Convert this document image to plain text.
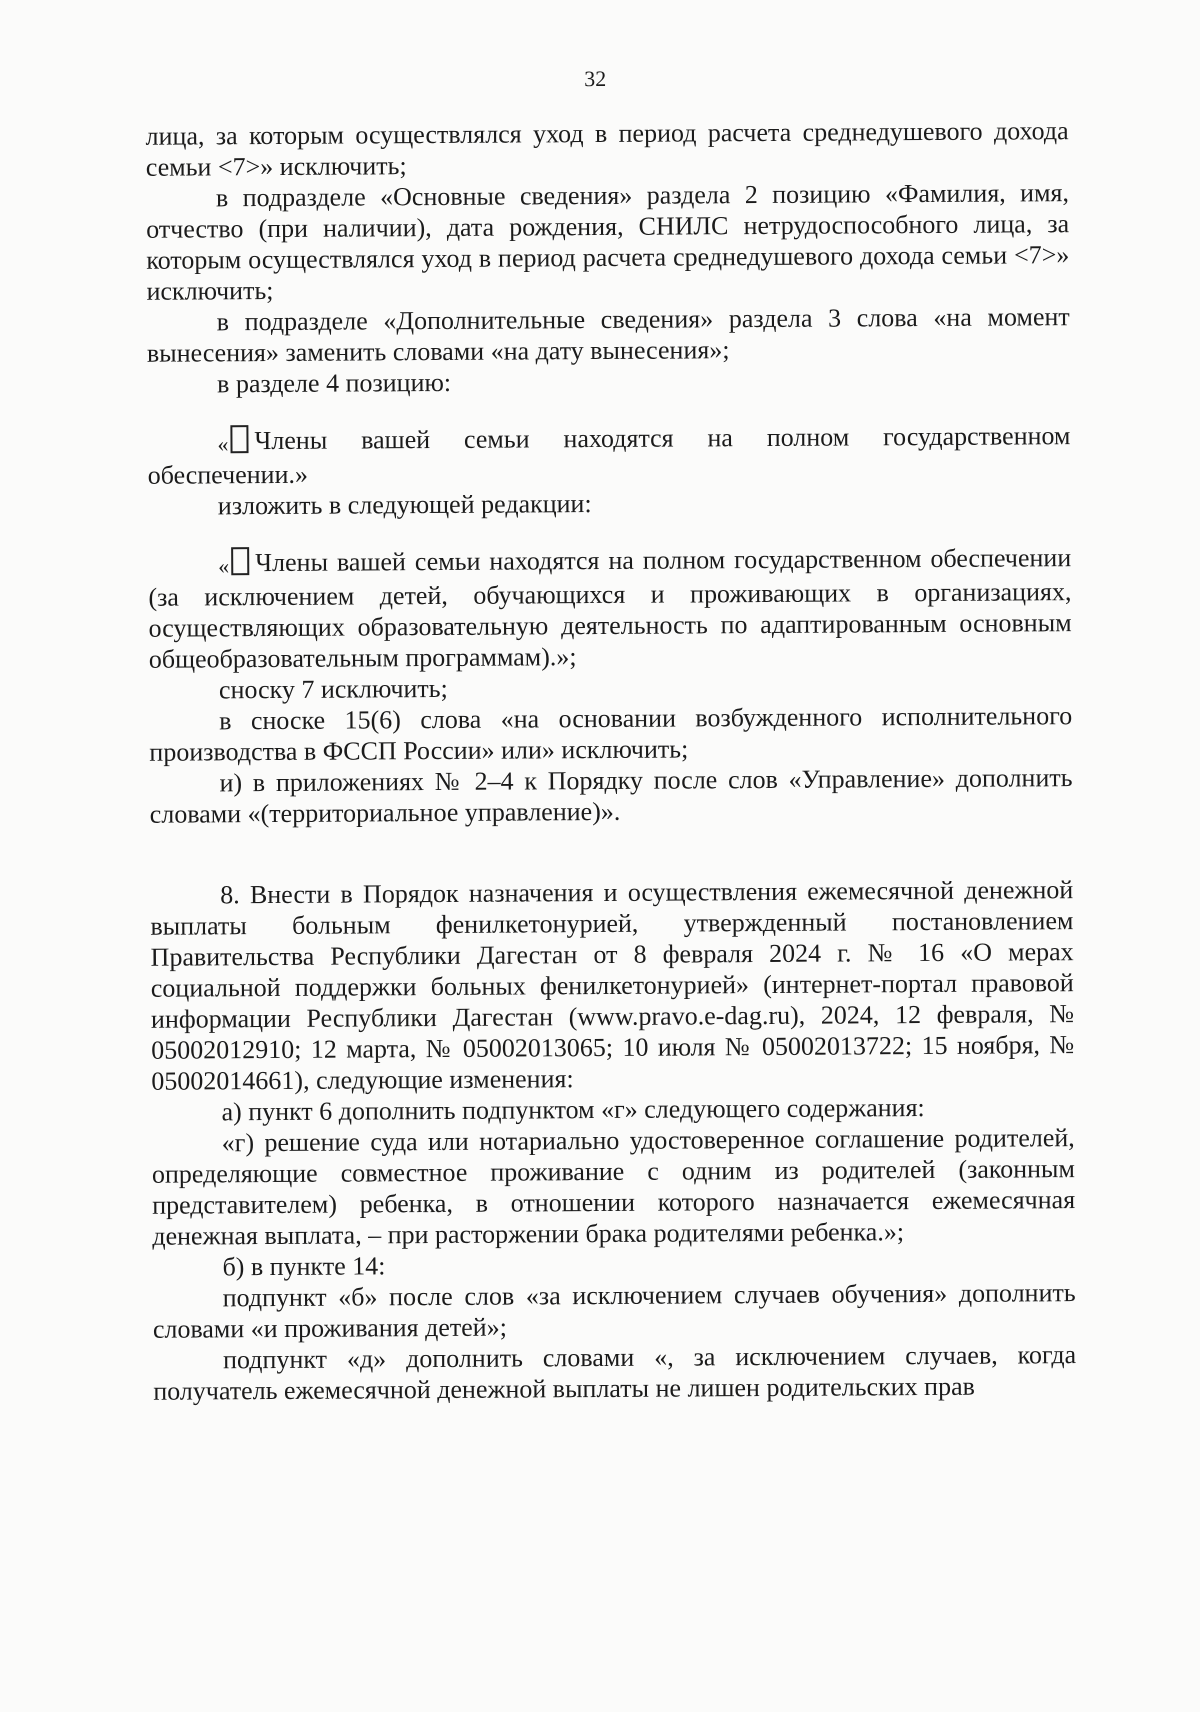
32

лица, за которым осуществлялся уход в период расчета среднедушевого дохода семьи <7>» исключить;

в подразделе «Основные сведения» раздела 2 позицию «Фамилия, имя, отчество (при наличии), дата рождения, СНИЛС нетрудоспособного лица, за которым осуществлялся уход в период расчета среднедушевого дохода семьи <7>» исключить;

в подразделе «Дополнительные сведения» раздела 3 слова «на момент вынесения» заменить словами «на дату вынесения»;

в разделе 4 позицию:

« Члены вашей семьи находятся на полном государственном обеспечении.»

изложить в следующей редакции:

« Члены вашей семьи находятся на полном государственном обеспечении (за исключением детей, обучающихся и проживающих в организациях, осуществляющих образовательную деятельность по адаптированным основным общеобразовательным программам).»;

сноску 7 исключить;

в сноске 15(6) слова «на основании возбужденного исполнительного производства в ФССП России» или» исключить;

и) в приложениях № 2–4 к Порядку после слов «Управление» дополнить словами «(территориальное управление)».

8. Внести в Порядок назначения и осуществления ежемесячной денежной выплаты больным фенилкетонурией, утвержденный постановлением Правительства Республики Дагестан от 8 февраля 2024 г. № 16 «О мерах социальной поддержки больных фенилкетонурией» (интернет-портал правовой информации Республики Дагестан (www.pravo.e-dag.ru), 2024, 12 февраля, № 05002012910; 12 марта, № 05002013065; 10 июля № 05002013722; 15 ноября, № 05002014661), следующие изменения:

а) пункт 6 дополнить подпунктом «г» следующего содержания:

«г) решение суда или нотариально удостоверенное соглашение родителей, определяющие совместное проживание с одним из родителей (законным представителем) ребенка, в отношении которого назначается ежемесячная денежная выплата, – при расторжении брака родителями ребенка.»;

б) в пункте 14:

подпункт «б» после слов «за исключением случаев обучения» дополнить словами «и проживания детей»;

подпункт «д» дополнить словами «, за исключением случаев, когда получатель ежемесячной денежной выплаты не лишен родительских прав
